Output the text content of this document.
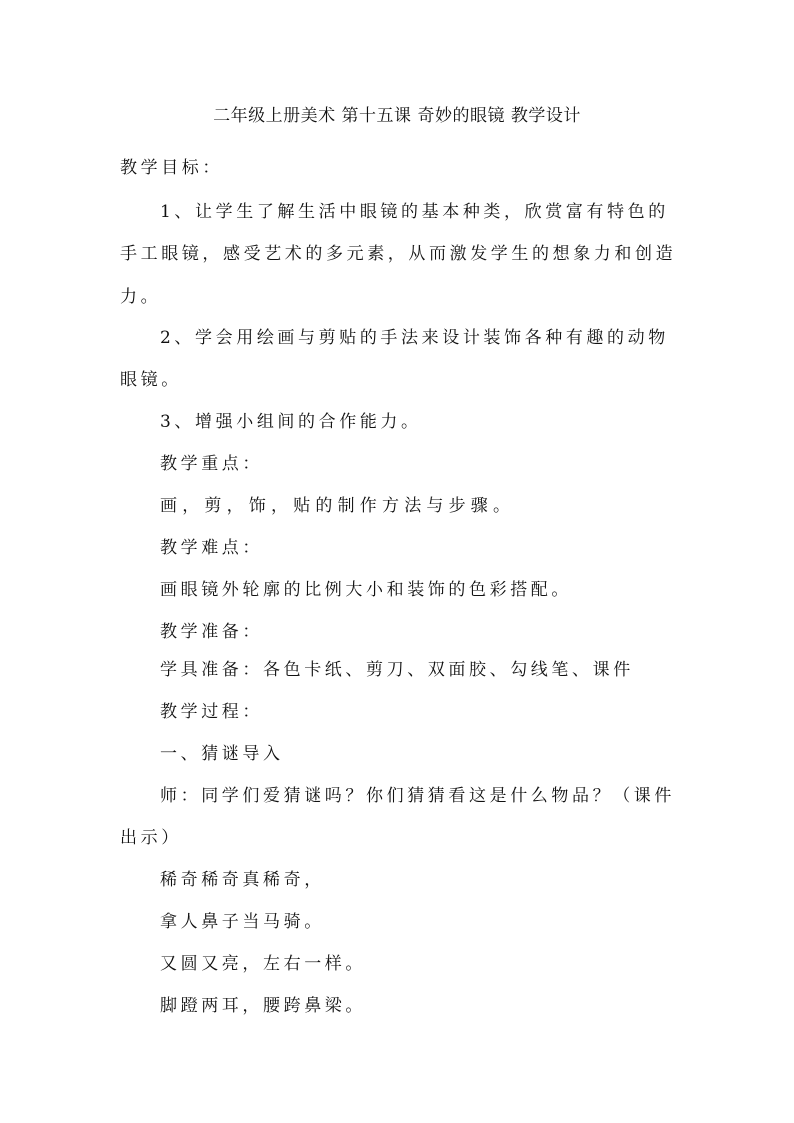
二年级上册美术 第十五课 奇妙的眼镜 教学设计
教学目标：
1、让学生了解生活中眼镜的基本种类，欣赏富有特色的
手工眼镜，感受艺术的多元素，从而激发学生的想象力和创造
力。
2、学会用绘画与剪贴的手法来设计装饰各种有趣的动物
眼镜。
3、增强小组间的合作能力。
教学重点：
画，剪，饰，贴的制作方法与步骤。
教学难点：
画眼镜外轮廓的比例大小和装饰的色彩搭配。
教学准备：
学具准备：各色卡纸、剪刀、双面胶、勾线笔、课件
教学过程：
一、猜谜导入
师：同学们爱猜谜吗？你们猜猜看这是什么物品？（课件
出示）
稀奇稀奇真稀奇，
拿人鼻子当马骑。
又圆又亮，左右一样。
脚蹬两耳，腰跨鼻梁。
